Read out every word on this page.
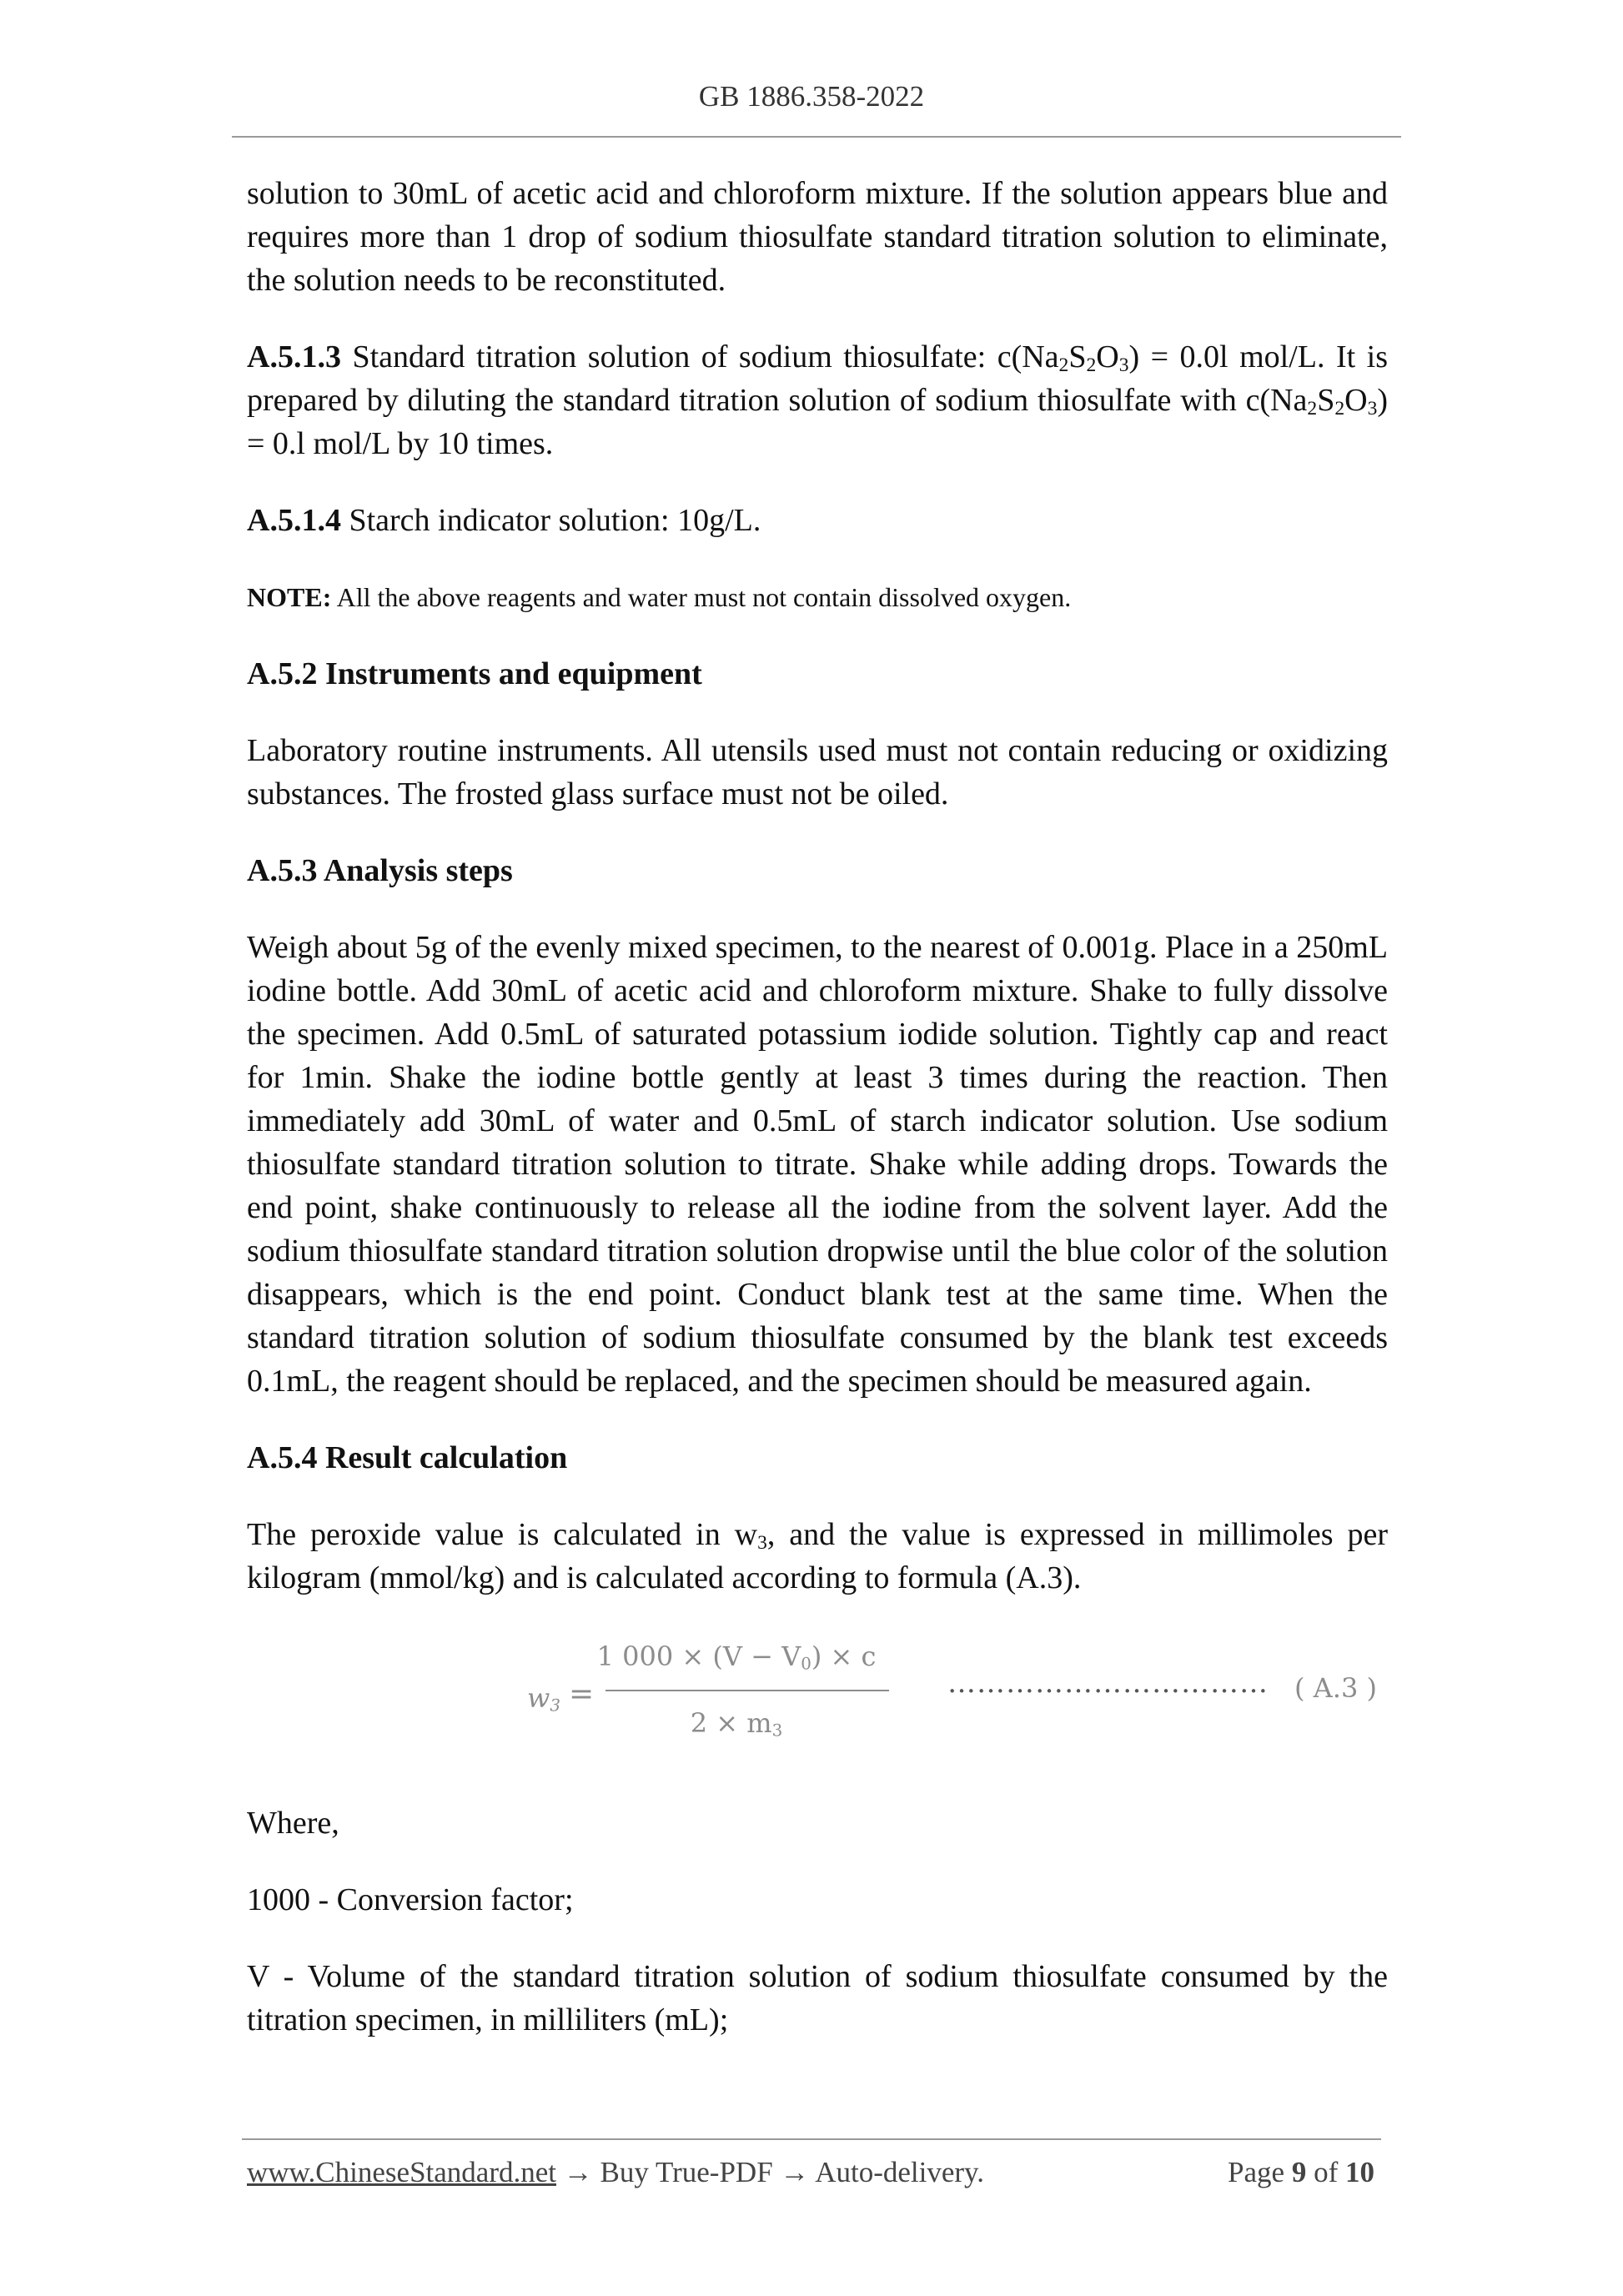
GB 1886.358-2022

solution to 30mL of acetic acid and chloroform mixture. If the solution appears blue and requires more than 1 drop of sodium thiosulfate standard titration solution to eliminate, the solution needs to be reconstituted.

A.5.1.3 Standard titration solution of sodium thiosulfate: $c(Na_2S_2O_3) = 0.0l$ mol/L. It is prepared by diluting the standard titration solution of sodium thiosulfate with $c(Na_2S_2O_3) = 0.l$ mol/L by 10 times.

A.5.1.4 Starch indicator solution: 10g/L.

NOTE: All the above reagents and water must not contain dissolved oxygen.

A.5.2 Instruments and equipment

Laboratory routine instruments. All utensils used must not contain reducing or oxidizing substances. The frosted glass surface must not be oiled.

A.5.3 Analysis steps

Weigh about 5g of the evenly mixed specimen, to the nearest of 0.001g. Place in a 250mL iodine bottle. Add 30mL of acetic acid and chloroform mixture. Shake to fully dissolve the specimen. Add 0.5mL of saturated potassium iodide solution. Tightly cap and react for 1min. Shake the iodine bottle gently at least 3 times during the reaction. Then immediately add 30mL of water and 0.5mL of starch indicator solution. Use sodium thiosulfate standard titration solution to titrate. Shake while adding drops. Towards the end point, shake continuously to release all the iodine from the solvent layer. Add the sodium thiosulfate standard titration solution dropwise until the blue color of the solution disappears, which is the end point. Conduct blank test at the same time. When the standard titration solution of sodium thiosulfate consumed by the blank test exceeds 0.1mL, the reagent should be replaced, and the specimen should be measured again.

A.5.4 Result calculation

The peroxide value is calculated in $w_3$, and the value is expressed in millimoles per kilogram (mmol/kg) and is calculated according to formula (A.3).

$w_3$ =
1 $000 \times (V - V_0) \times c$
$2 \times m_3$
…………………………… ( A.3 )

Where,

1000 - Conversion factor;

V - Volume of the standard titration solution of sodium thiosulfate consumed by the titration specimen, in milliliters (mL);

www.ChineseStandard.net → Buy True-PDF → Auto-delivery.	Page 9 of 10
